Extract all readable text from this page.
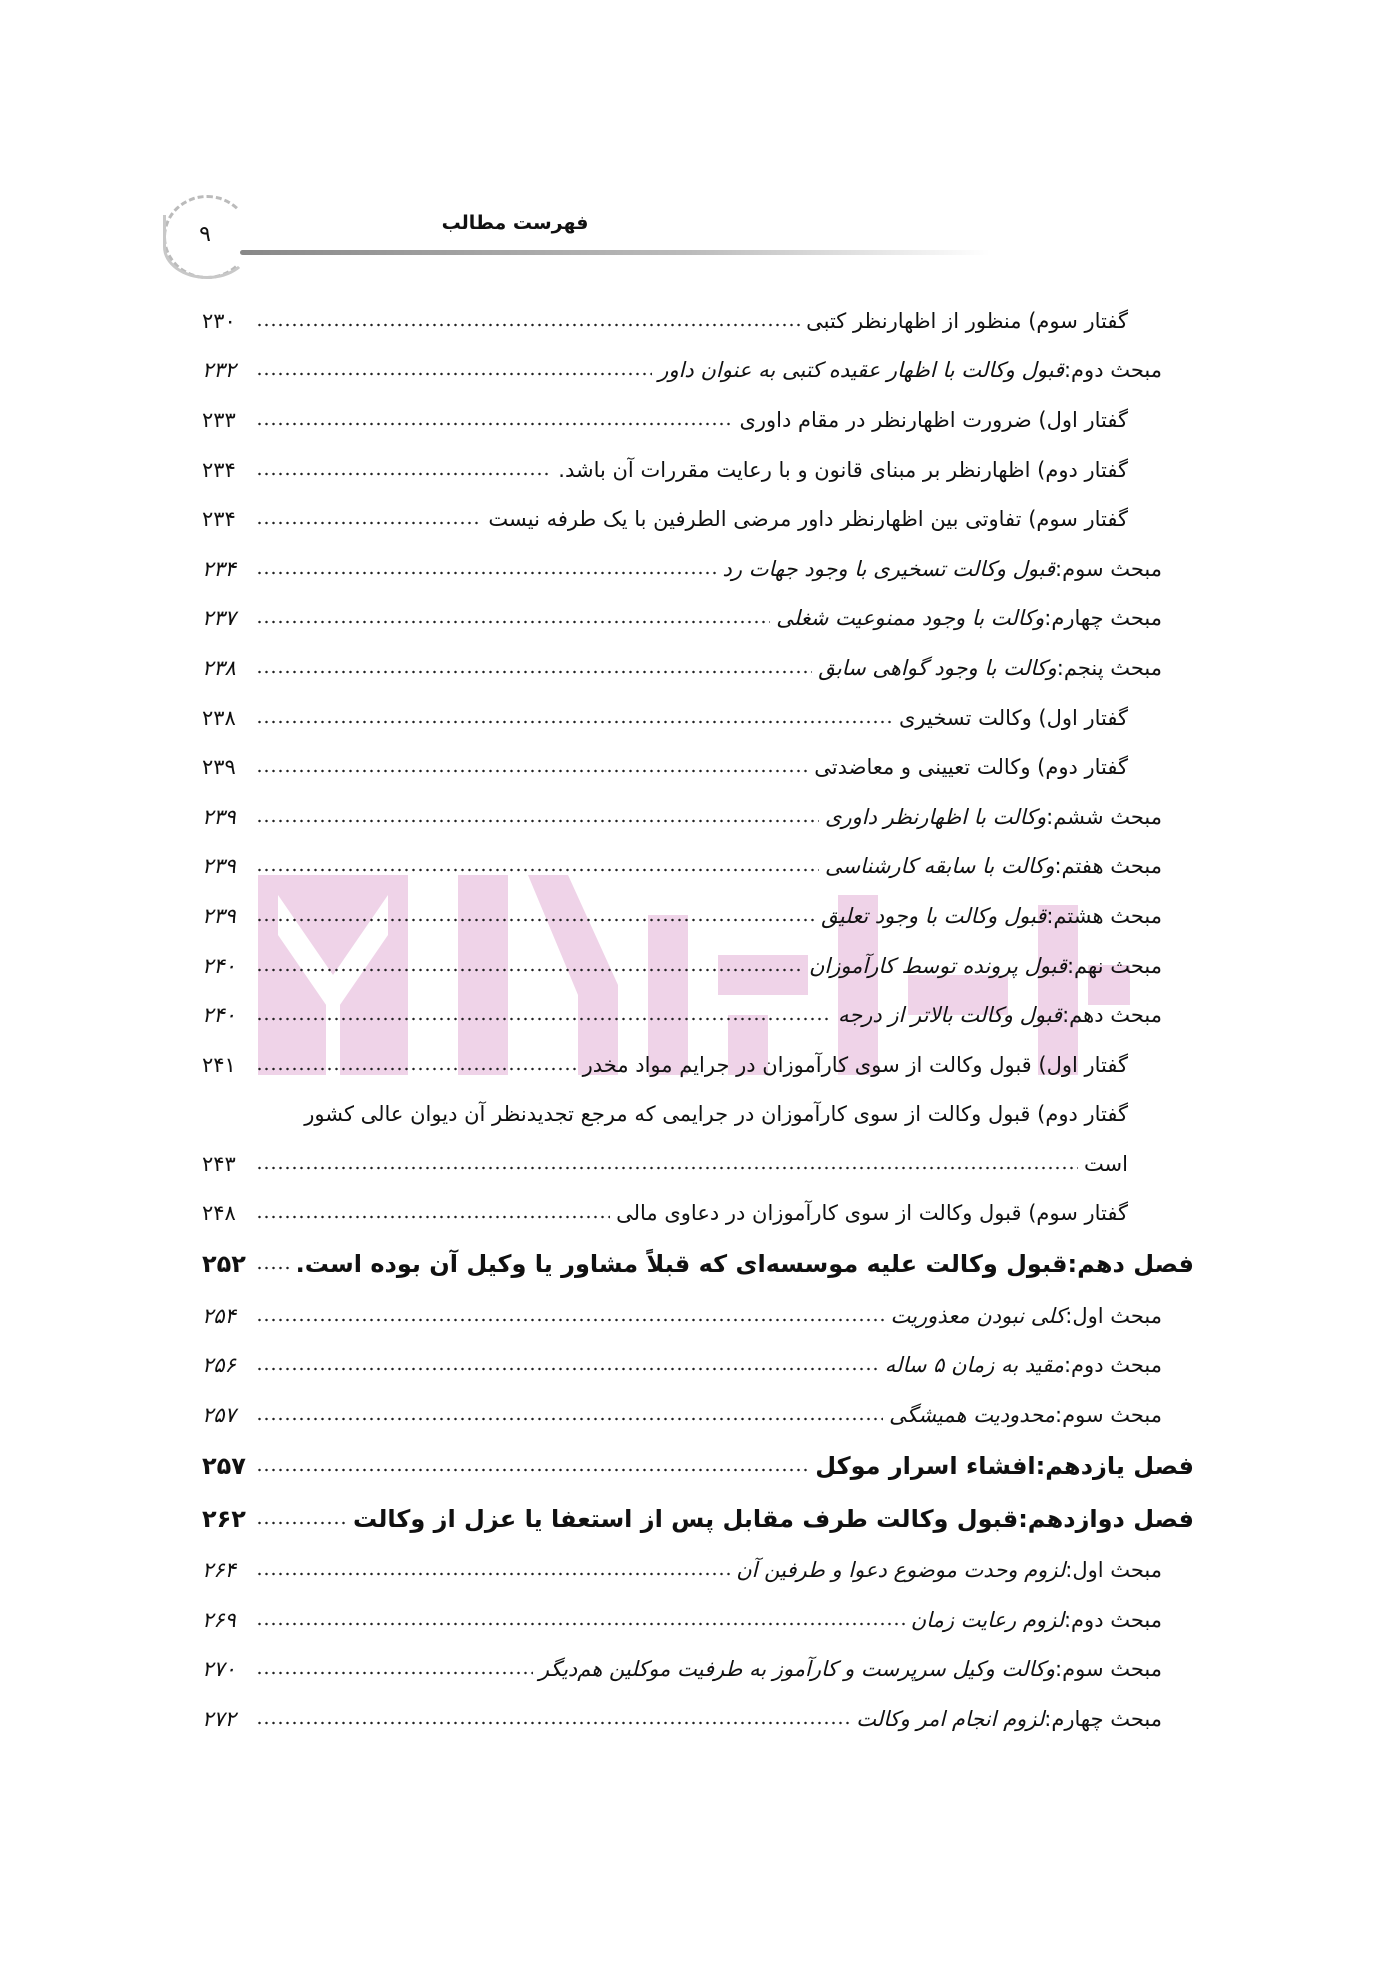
۹	فهرست مطالب
گفتار سوم) منظور از اظهارنظر کتبی
۲۳۰
مبحث دوم:
قبول وکالت با اظهار عقیده کتبی به عنوان داور
۲۳۲
گفتار اول) ضرورت اظهارنظر در مقام داوری
۲۳۳
گفتار دوم) اظهارنظر بر مبنای قانون و با رعایت مقررات آن باشد.
۲۳۴
گفتار سوم) تفاوتی بین اظهارنظر داور مرضی الطرفین با یک طرفه نیست
۲۳۴
مبحث سوم:
قبول وکالت تسخیری با وجود جهات رد
۲۳۴
مبحث چهارم:
وکالت با وجود ممنوعیت شغلی
۲۳۷
مبحث پنجم:
وکالت با وجود گواهی سابق
۲۳۸
گفتار اول) وکالت تسخیری
۲۳۸
گفتار دوم) وکالت تعیینی و معاضدتی
۲۳۹
مبحث ششم:
وکالت با اظهارنظر داوری
۲۳۹
مبحث هفتم:
وکالت با سابقه کارشناسی
۲۳۹
مبحث هشتم:
قبول وکالت با وجود تعلیق
۲۳۹
مبحث نهم:
قبول پرونده توسط کارآموزان
۲۴۰
مبحث دهم:
قبول وکالت بالاتر از درجه
۲۴۰
گفتار اول) قبول وکالت از سوی کارآموزان در جرایم مواد مخدر
۲۴۱
گفتار دوم) قبول وکالت از سوی کارآموزان در جرایمی که مرجع تجدیدنظر آن دیوان عالی کشور
است
۲۴۳
گفتار سوم) قبول وکالت از سوی کارآموزان در دعاوی مالی
۲۴۸
فصل دهم:
قبول وکالت علیه موسسه‌ای که قبلاً مشاور یا وکیل آن بوده است.
۲۵۲
مبحث اول:
کلی نبودن معذوریت
۲۵۴
مبحث دوم:
مقید به زمان ۵ ساله
۲۵۶
مبحث سوم:
محدودیت همیشگی
۲۵۷
فصل یازدهم:
افشاء اسرار موکل
۲۵۷
فصل دوازدهم:
قبول وکالت طرف مقابل پس از استعفا یا عزل از وکالت
۲۶۲
مبحث اول:
لزوم وحدت موضوع دعوا و طرفین آن
۲۶۴
مبحث دوم:
لزوم رعایت زمان
۲۶۹
مبحث سوم:
وکالت وکیل سرپرست و کارآموز به طرفیت موکلین هم‌دیگر
۲۷۰
مبحث چهارم:
لزوم انجام امر وکالت
۲۷۲
